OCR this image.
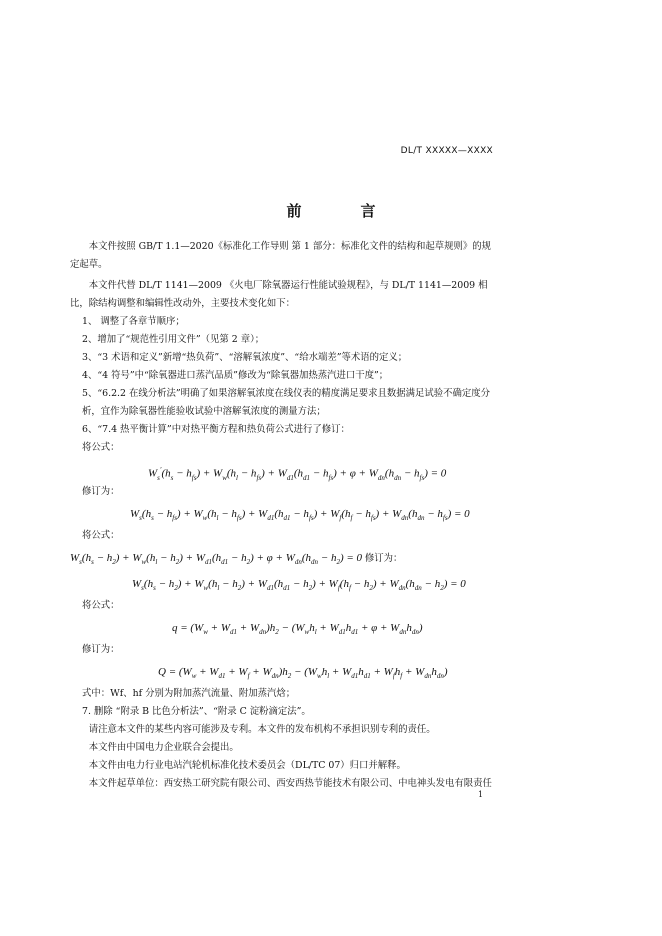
DL/T XXXXX—XXXX
前　言

本文件按照 GB/T 1.1—2020《标准化工作导则 第 1 部分：标准化文件的结构和起草规则》的规定起草。

本文件代替 DL/T 1141—2009 《火电厂除氧器运行性能试验规程》，与 DL/T 1141—2009 相比，除结构调整和编辑性改动外，主要技术变化如下：

1、 调整了各章节顺序；

2、增加了“规范性引用文件”（见第 2 章）；

3、“3 术语和定义”新增“热负荷”、“溶解氧浓度”、“给水端差”等术语的定义；

4、“4 符号”中“除氧器进口蒸汽品质”修改为“除氧器加热蒸汽进口干度”；

5、“6.2.2 在线分析法”明确了如果溶解氧浓度在线仪表的精度满足要求且数据满足试验不确定度分析，宜作为除氧器性能验收试验中溶解氧浓度的测量方法；

6、“7.4 热平衡计算”中对热平衡方程和热负荷公式进行了修订：

将公式：

$W_s'(h_s - h_{fs}) + W_w(h_l - h_{fs}) + W_{d1}(h_{d1} - h_{fs}) + \varphi + W_{dn}(h_{dn} - h_{fs}) = 0$

修订为：

$W_s(h_s - h_{fs}) + W_w(h_l - h_{fs}) + W_{d1}(h_{d1} - h_{fs}) + W_f(h_f - h_{fs}) + W_{dn}(h_{dn} - h_{fs}) = 0$

将公式：

$W_s(h_s - h_2) + W_w(h_l - h_2) + W_{d1}(h_{d1} - h_2) + \varphi + W_{dn}(h_{dn} - h_2) = 0$ 修订为：
$W_s(h_s - h_2) + W_w(h_l - h_2) + W_{d1}(h_{d1} - h_2) + W_f(h_f - h_2) + W_{dn}(h_{dn} - h_2) = 0$

将公式：

$q = (W_w + W_{d1} + W_{dn})h_2 - (W_wh_l + W_{d1}h_{d1} + \varphi + W_{dn}h_{dn})$

修订为：

$Q = (W_w + W_{d1} + W_f + W_{dn})h_2 - (W_wh_l + W_{d1}h_{d1} + W_fh_f + W_{dn}h_{dn})$

式中：Wf、hf 分别为附加蒸汽流量、附加蒸汽焓；

7. 删除 “附录 B 比色分析法”、“附录 C 淀粉滴定法”。

请注意本文件的某些内容可能涉及专利。本文件的发布机构不承担识别专利的责任。

本文件由中国电力企业联合会提出。

本文件由电力行业电站汽轮机标准化技术委员会（DL/TC 07）归口并解释。

本文件起草单位：西安热工研究院有限公司、西安西热节能技术有限公司、中电神头发电有限责任

1
